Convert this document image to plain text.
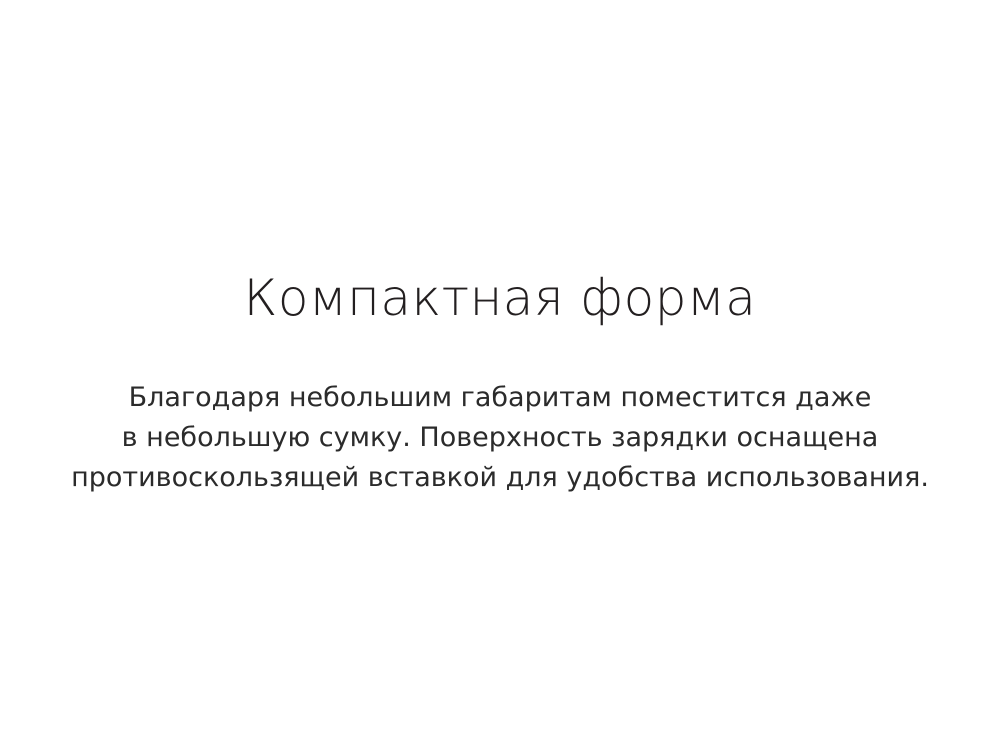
Компактная форма
Благодаря небольшим габаритам поместится даже
в небольшую сумку. Поверхность зарядки оснащена
противоскользящей вставкой для удобства использования.
